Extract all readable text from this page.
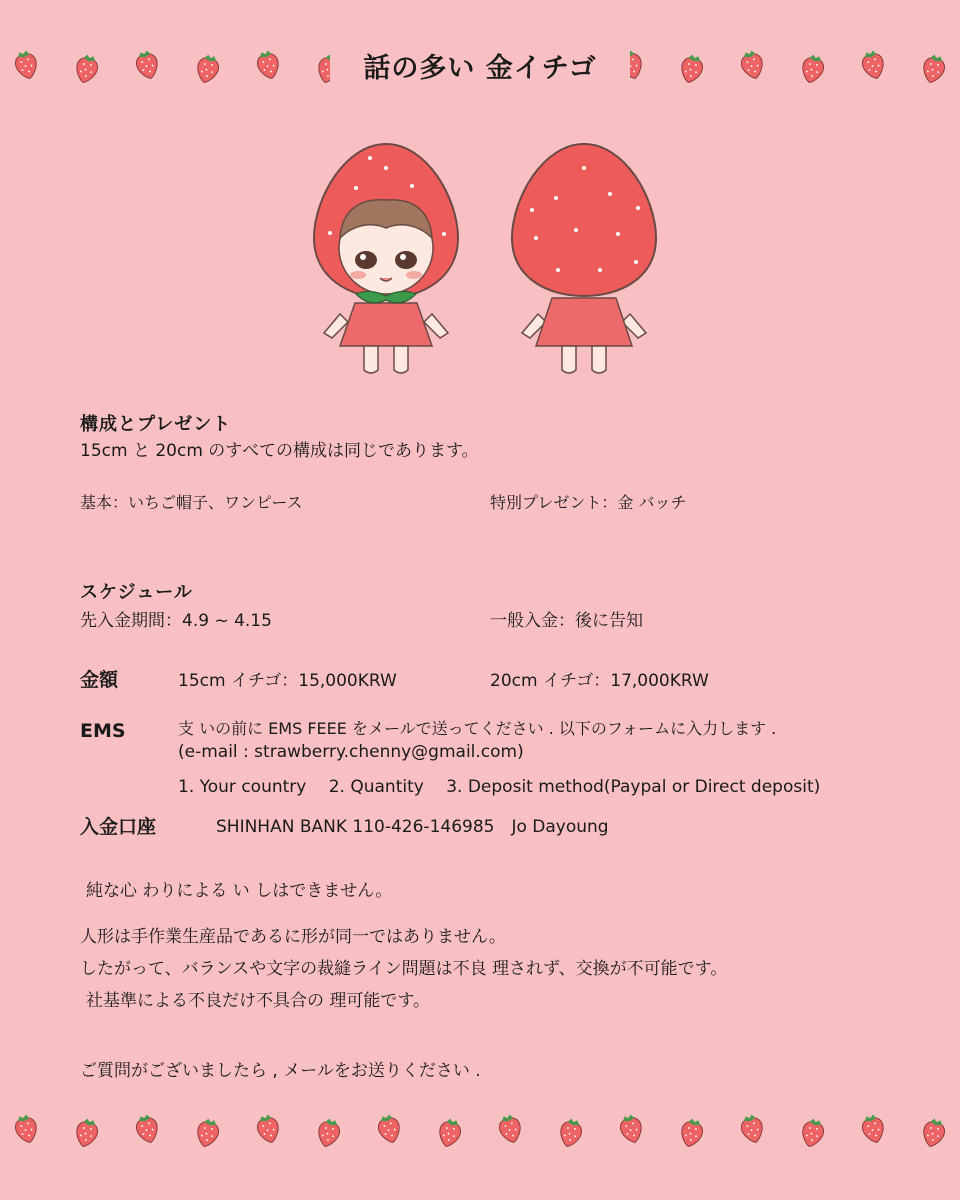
話の多い 金イチゴ
構成とプレゼント
15cm と 20cm のすべての構成は同じであります。
基本：いちご帽子、ワンピース	特別プレゼント：金 バッチ
スケジュール
先入金期間：4.9 ~ 4.15	一般入金：後に告知
金額	15cm イチゴ：15,000KRW	20cm イチゴ：17,000KRW
EMS	支 いの前に EMS FEEE をメールで送ってください . 以下のフォームに入力します .
(e-mail : strawberry.chenny@gmail.com)
1. Your country　 2. Quantity　 3. Deposit method(Paypal or Direct deposit)
入金口座	SHINHAN BANK 110-426-146985　Jo Dayoung
純な心 わりによる い しはできません。
人形は手作業生産品であるに形が同一ではありません。
したがって、バランスや文字の裁縫ライン問題は不良 理されず、交換が不可能です。
社基準による不良だけ不具合の 理可能です。
ご質問がございましたら , メールをお送りください .
